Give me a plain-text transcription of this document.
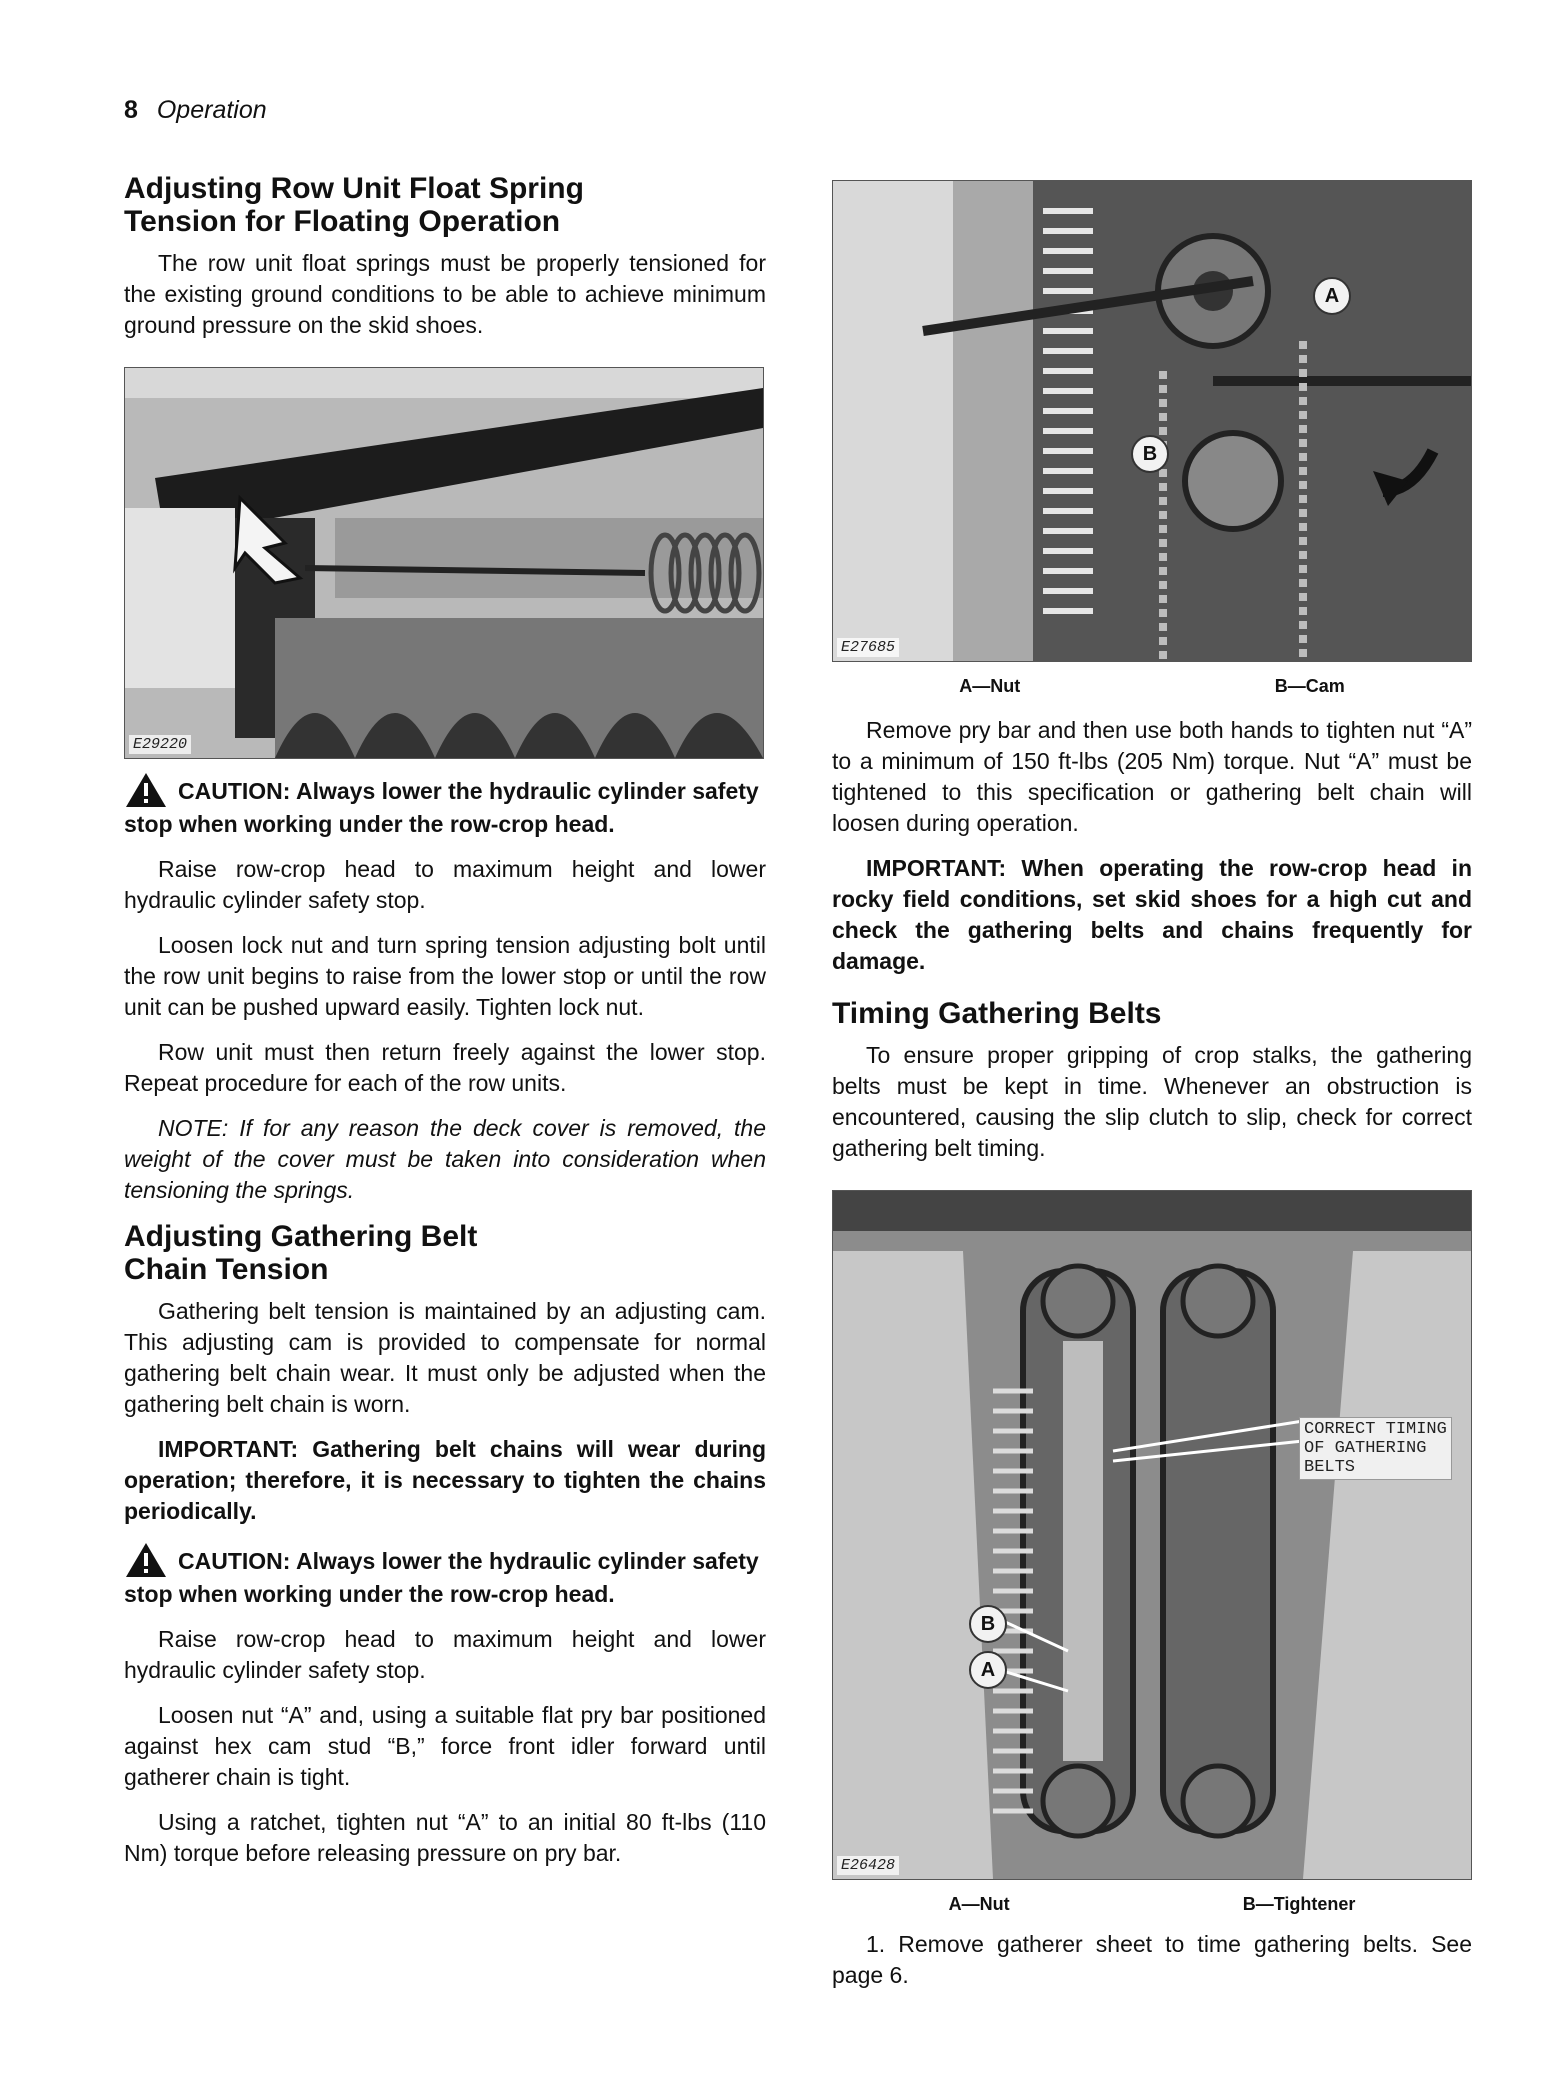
8 Operation
Adjusting Row Unit Float Spring Tension for Floating Operation

The row unit float springs must be properly tensioned for the existing ground conditions to be able to achieve minimum ground pressure on the skid shoes.

E29220
CAUTION: Always lower the hydraulic cylinder safety stop when working under the row-crop head.

Raise row-crop head to maximum height and lower hydraulic cylinder safety stop.

Loosen lock nut and turn spring tension adjusting bolt until the row unit begins to raise from the lower stop or until the row unit can be pushed upward easily. Tighten lock nut.

Row unit must then return freely against the lower stop. Repeat procedure for each of the row units.

NOTE: If for any reason the deck cover is removed, the weight of the cover must be taken into consideration when tensioning the springs.

Adjusting Gathering Belt Chain Tension

Gathering belt tension is maintained by an adjusting cam. This adjusting cam is provided to compensate for normal gathering belt chain wear. It must only be adjusted when the gathering belt chain is worn.

IMPORTANT: Gathering belt chains will wear during operation; therefore, it is necessary to tighten the chains periodically.

CAUTION: Always lower the hydraulic cylinder safety stop when working under the row-crop head.

Raise row-crop head to maximum height and lower hydraulic cylinder safety stop.

Loosen nut “A” and, using a suitable flat pry bar positioned against hex cam stud “B,” force front idler forward until gatherer chain is tight.

Using a ratchet, tighten nut “A” to an initial 80 ft-lbs (110 Nm) torque before releasing pressure on pry bar.

A
B
E27685
A—Nut	B—Cam

Remove pry bar and then use both hands to tighten nut “A” to a minimum of 150 ft-lbs (205 Nm) torque. Nut “A” must be tightened to this specification or gathering belt chain will loosen during operation.

IMPORTANT: When operating the row-crop head in rocky field conditions, set skid shoes for a high cut and check the gathering belts and chains frequently for damage.

Timing Gathering Belts

To ensure proper gripping of crop stalks, the gathering belts must be kept in time. Whenever an obstruction is encountered, causing the slip clutch to slip, check for correct gathering belt timing.

CORRECT TIMING
OF GATHERING
BELTS
B
A
E26428
A—Nut	B—Tightener

1. Remove gatherer sheet to time gathering belts. See page 6.
